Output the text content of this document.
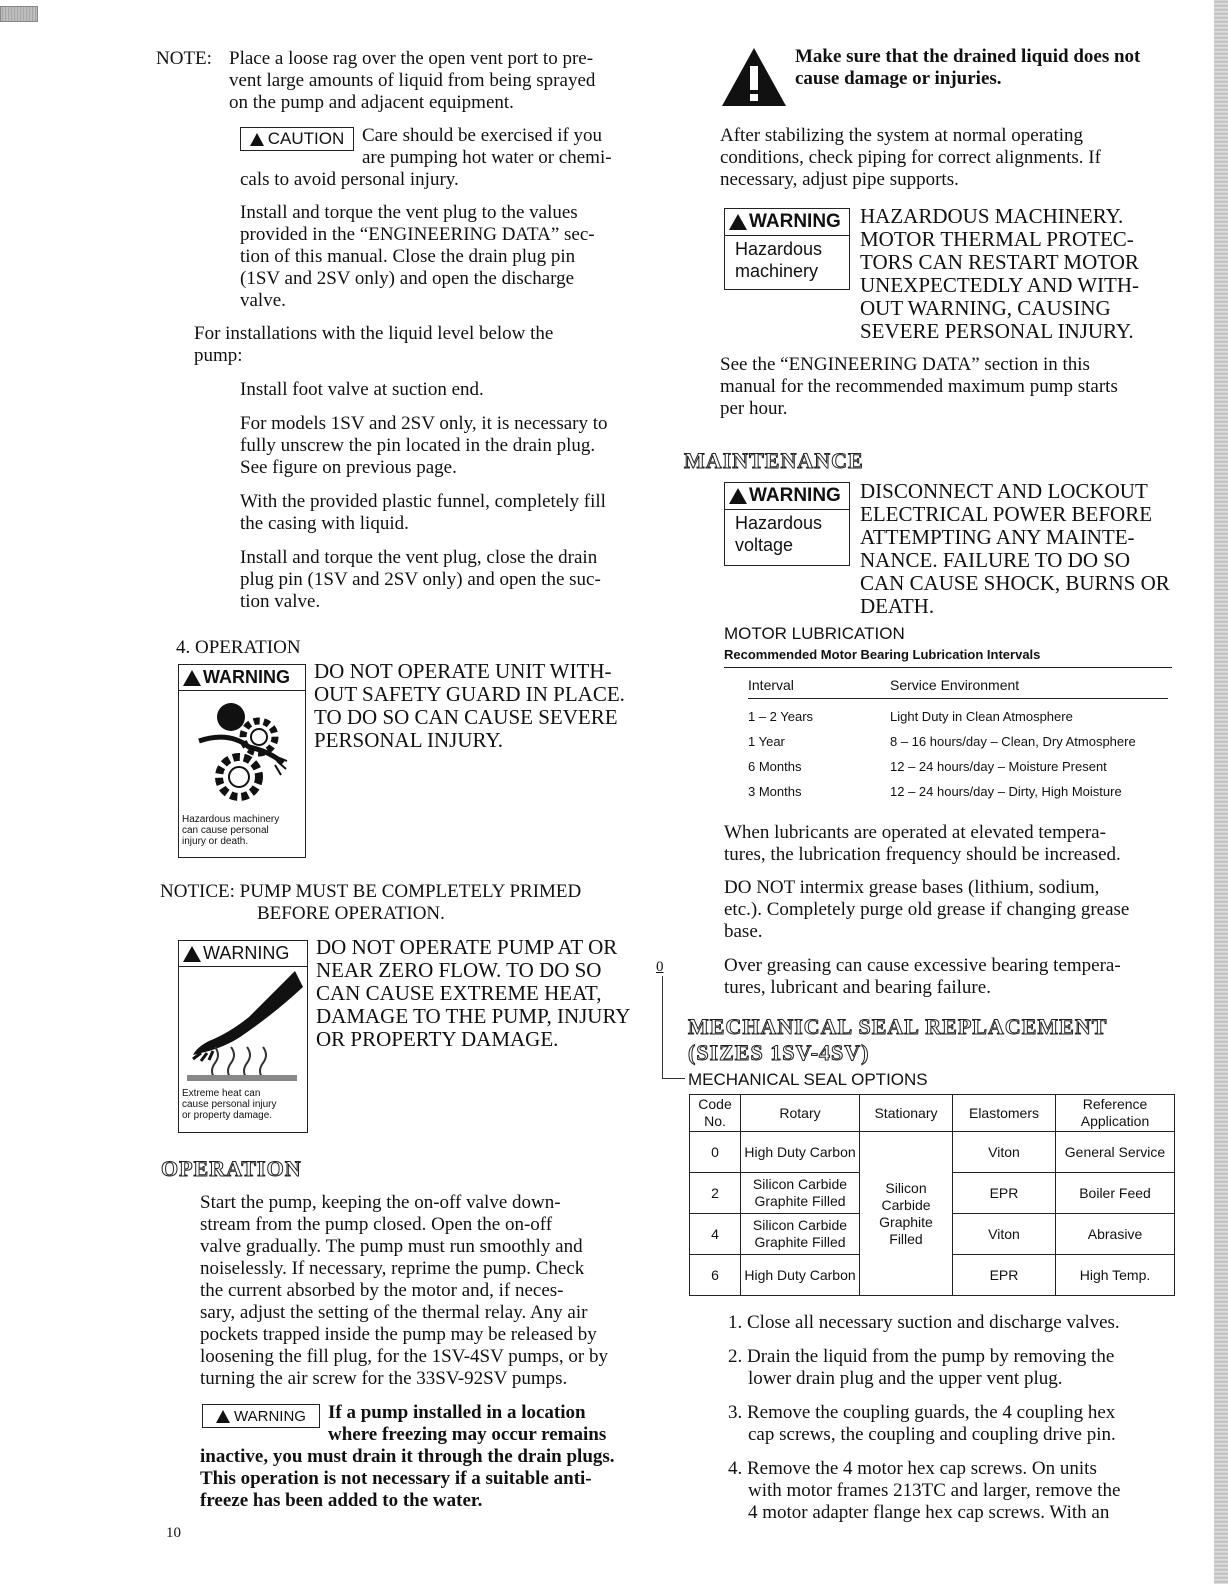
NOTE: Place a loose rag over the open vent port to pre-
vent large amounts of liquid from being sprayed
on the pump and adjacent equipment.
CAUTION Care should be exercised if you
are pumping hot water or chemi-
cals to avoid personal injury.
Install and torque the vent plug to the values
provided in the “ENGINEERING DATA” sec-
tion of this manual. Close the drain plug pin
(1SV and 2SV only) and open the discharge
valve.
For installations with the liquid level below the
pump:
Install foot valve at suction end.
For models 1SV and 2SV only, it is necessary to
fully unscrew the pin located in the drain plug.
See figure on previous page.
With the provided plastic funnel, completely fill
the casing with liquid.
Install and torque the vent plug, close the drain
plug pin (1SV and 2SV only) and open the suc-
tion valve.
4. OPERATION
WARNING
Hazardous machinery
can cause personal
injury or death.
DO NOT OPERATE UNIT WITH-
OUT SAFETY GUARD IN PLACE.
TO DO SO CAN CAUSE SEVERE
PERSONAL INJURY.
NOTICE: PUMP MUST BE COMPLETELY PRIMED
BEFORE OPERATION.
WARNING
Extreme heat can
cause personal injury
or property damage.
DO NOT OPERATE PUMP AT OR
NEAR ZERO FLOW. TO DO SO
CAN CAUSE EXTREME HEAT,
DAMAGE TO THE PUMP, INJURY
OR PROPERTY DAMAGE.
OPERATION
Start the pump, keeping the on-off valve down-
stream from the pump closed. Open the on-off
valve gradually. The pump must run smoothly and
noiselessly. If necessary, reprime the pump. Check
the current absorbed by the motor and, if neces-
sary, adjust the setting of the thermal relay. Any air
pockets trapped inside the pump may be released by
loosening the fill plug, for the 1SV-4SV pumps, or by
turning the air screw for the 33SV-92SV pumps.
WARNING If a pump installed in a location
where freezing may occur remains
inactive, you must drain it through the drain plugs.
This operation is not necessary if a suitable anti-
freeze has been added to the water.
10
Make sure that the drained liquid does not
cause damage or injuries.
After stabilizing the system at normal operating
conditions, check piping for correct alignments. If
necessary, adjust pipe supports.
WARNING
Hazardous
machinery
HAZARDOUS MACHINERY.
MOTOR THERMAL PROTEC-
TORS CAN RESTART MOTOR
UNEXPECTEDLY AND WITH-
OUT WARNING, CAUSING
SEVERE PERSONAL INJURY.
See the “ENGINEERING DATA” section in this
manual for the recommended maximum pump starts
per hour.
MAINTENANCE
WARNING
Hazardous
voltage
DISCONNECT AND LOCKOUT
ELECTRICAL POWER BEFORE
ATTEMPTING ANY MAINTE-
NANCE. FAILURE TO DO SO
CAN CAUSE SHOCK, BURNS OR
DEATH.
MOTOR LUBRICATION
Recommended Motor Bearing Lubrication Intervals
Interval	Service Environment
1 – 2 Years	Light Duty in Clean Atmosphere
1 Year	8 – 16 hours/day – Clean, Dry Atmosphere
6 Months	12 – 24 hours/day – Moisture Present
3 Months	12 – 24 hours/day – Dirty, High Moisture
When lubricants are operated at elevated tempera-
tures, the lubrication frequency should be increased.
DO NOT intermix grease bases (lithium, sodium,
etc.). Completely purge old grease if changing grease
base.
0	Over greasing can cause excessive bearing tempera-
tures, lubricant and bearing failure.
MECHANICAL SEAL REPLACEMENT
(SIZES 1SV-4SV)
MECHANICAL SEAL OPTIONS
Code No.	Rotary	Stationary	Elastomers	Reference Application
0	High Duty Carbon	Silicon Carbide Graphite Filled	Viton	General Service
2	Silicon Carbide Graphite Filled		EPR	Boiler Feed
4	Silicon Carbide Graphite Filled		Viton	Abrasive
6	High Duty Carbon		EPR	High Temp.
1. Close all necessary suction and discharge valves.
2. Drain the liquid from the pump by removing the
lower drain plug and the upper vent plug.
3. Remove the coupling guards, the 4 coupling hex
cap screws, the coupling and coupling drive pin.
4. Remove the 4 motor hex cap screws. On units
with motor frames 213TC and larger, remove the
4 motor adapter flange hex cap screws. With an
